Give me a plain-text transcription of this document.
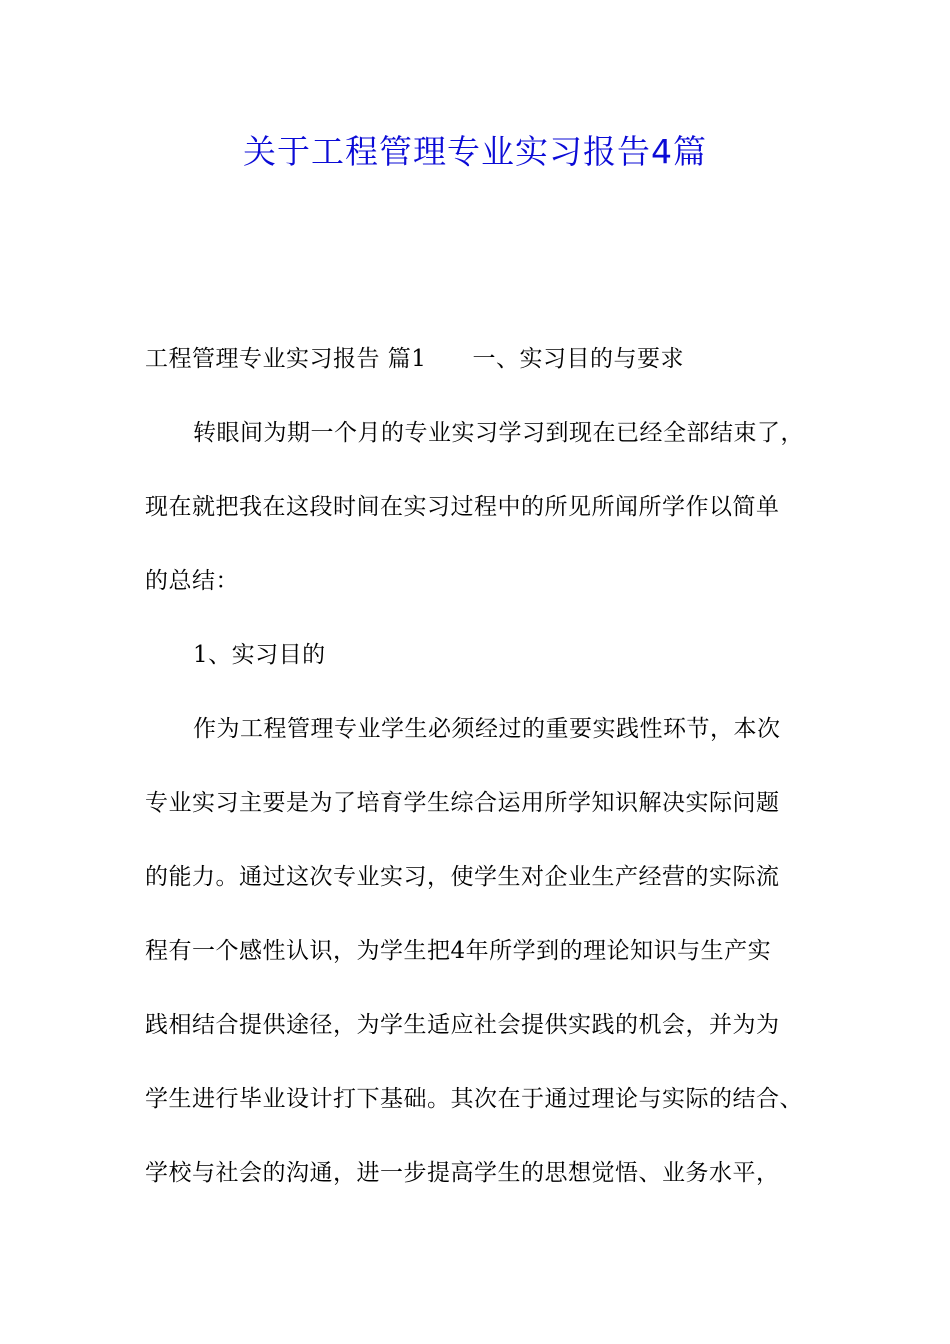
关于工程管理专业实习报告4篇
工程管理专业实习报告 篇1 一、实习目的与要求
转眼间为期一个月的专业实习学习到现在已经全部结束了，
现在就把我在这段时间在实习过程中的所见所闻所学作以简单
的总结：
1、实习目的
作为工程管理专业学生必须经过的重要实践性环节，本次
专业实习主要是为了培育学生综合运用所学知识解决实际问题
的能力。通过这次专业实习，使学生对企业生产经营的实际流
程有一个感性认识，为学生把4年所学到的理论知识与生产实
践相结合提供途径，为学生适应社会提供实践的机会，并为为
学生进行毕业设计打下基础。其次在于通过理论与实际的结合、
学校与社会的沟通，进一步提高学生的思想觉悟、业务水平，
